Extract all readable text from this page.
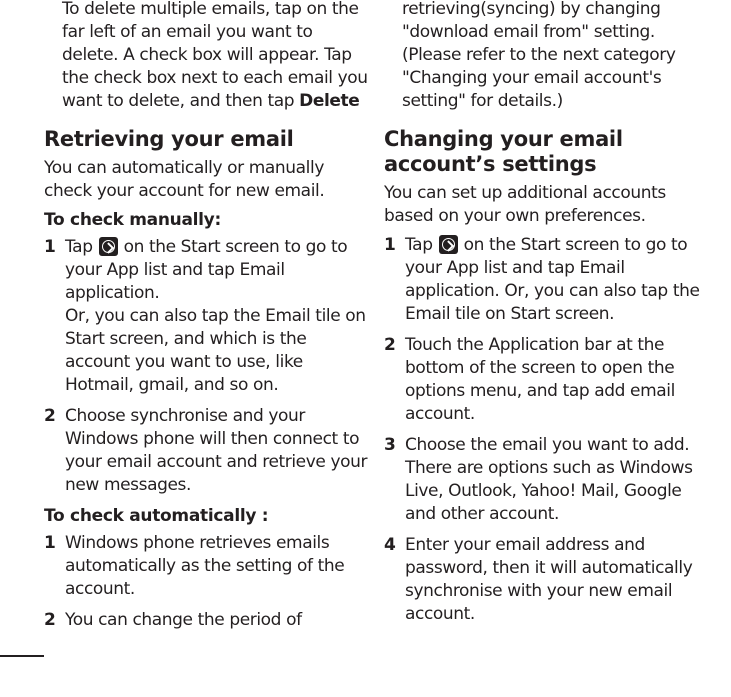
To delete multiple emails, tap on the far left of an email you want to delete. A check box will appear. Tap the check box next to each email you want to delete, and then tap Delete

Retrieving your email

You can automatically or manually check your account for new email.

To check manually:
1 Tap  on the Start screen to go to your App list and tap Email application.
Or, you can also tap the Email tile on Start screen, and which is the account you want to use, like Hotmail, gmail, and so on.
2 Choose synchronise and your Windows phone will then connect to your email account and retrieve your new messages.
To check automatically :
1 Windows phone retrieves emails automatically as the setting of the account.
2 You can change the period of

retrieving(syncing) by changing "download email from" setting. (Please refer to the next category "Changing your email account's setting" for details.)

Changing your email account’s settings

You can set up additional accounts based on your own preferences.

1 Tap  on the Start screen to go to your App list and tap Email application. Or, you can also tap the Email tile on Start screen.
2 Touch the Application bar at the bottom of the screen to open the options menu, and tap add email account.
3 Choose the email you want to add. There are options such as Windows Live, Outlook, Yahoo! Mail, Google and other account.
4 Enter your email address and password, then it will automatically synchronise with your new email account.
